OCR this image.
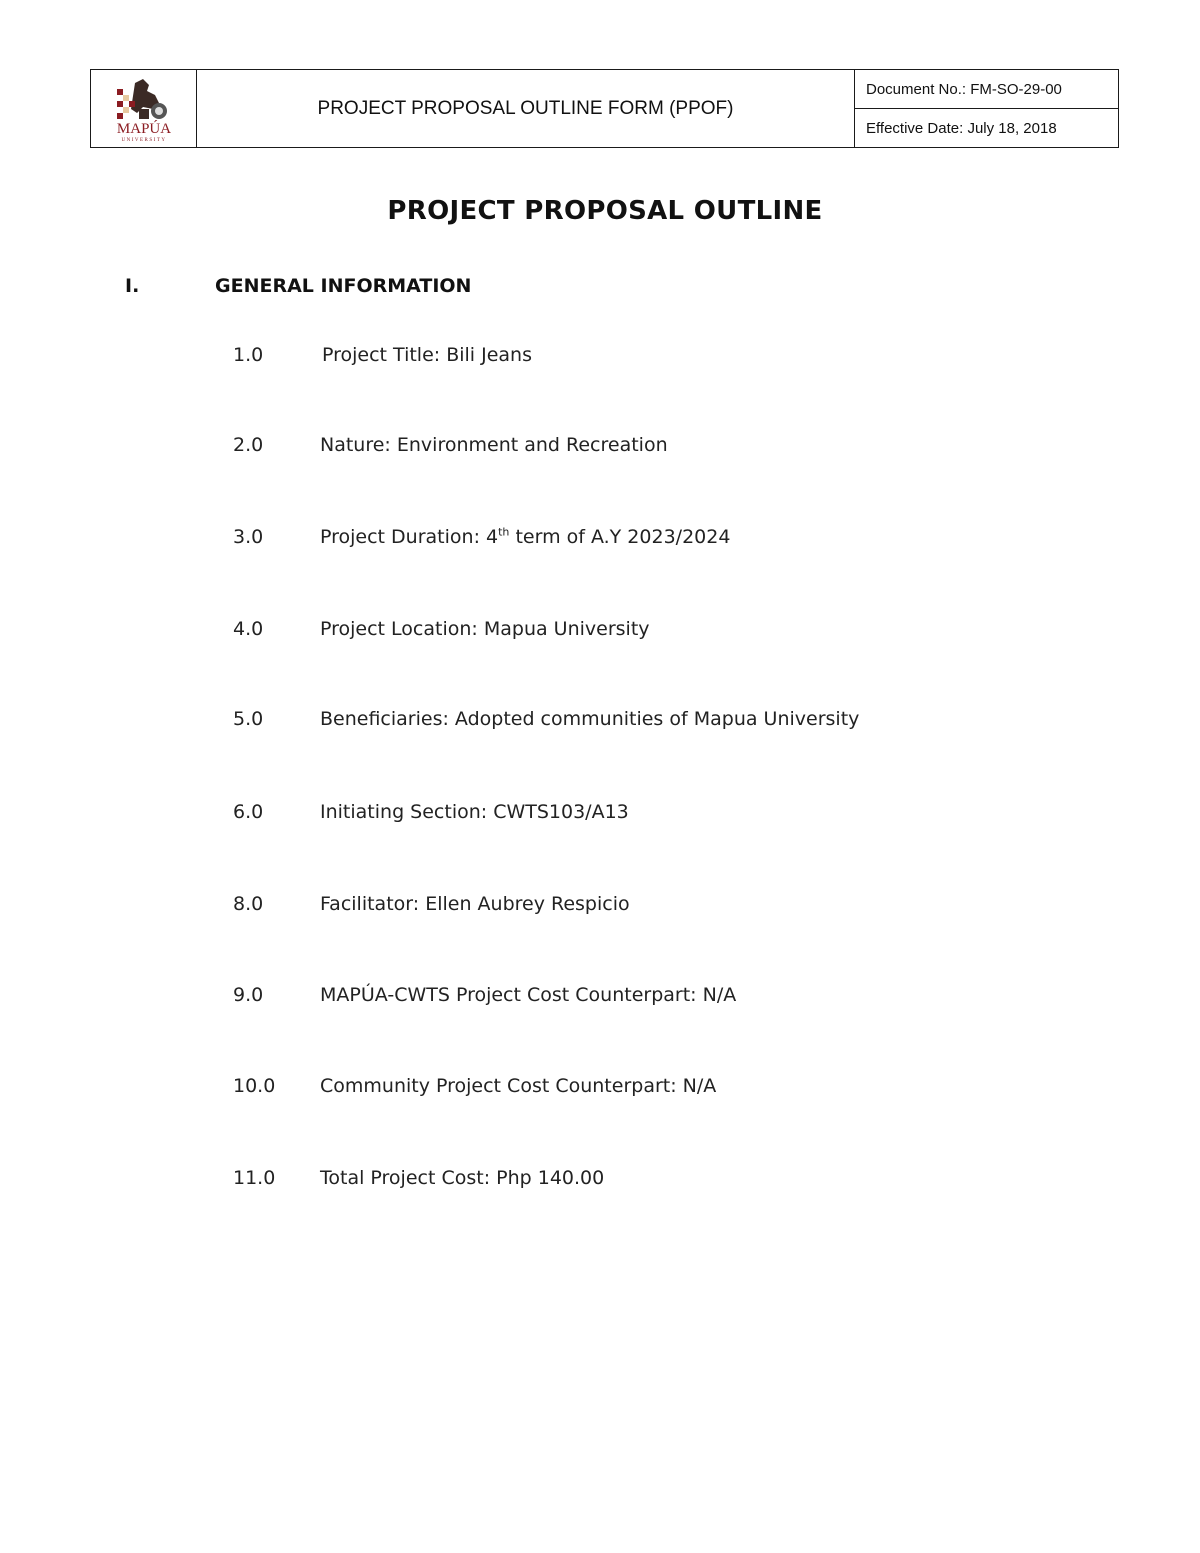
MAPÚA
UNIVERSITY
PROJECT PROPOSAL OUTLINE FORM (PPOF)
Document No.: FM-SO-29-00
Effective Date: July 18, 2018
PROJECT PROPOSAL OUTLINE
I.	GENERAL INFORMATION
1.0	Project Title: Bili Jeans
2.0	Nature: Environment and Recreation
3.0	Project Duration: 4th term of A.Y 2023/2024
4.0	Project Location: Mapua University
5.0	Beneficiaries: Adopted communities of Mapua University
6.0	Initiating Section: CWTS103/A13
8.0	Facilitator: Ellen Aubrey Respicio
9.0	MAPÚA-CWTS Project Cost Counterpart: N/A
10.0 Community Project Cost Counterpart: N/A
11.0 Total Project Cost: Php 140.00
